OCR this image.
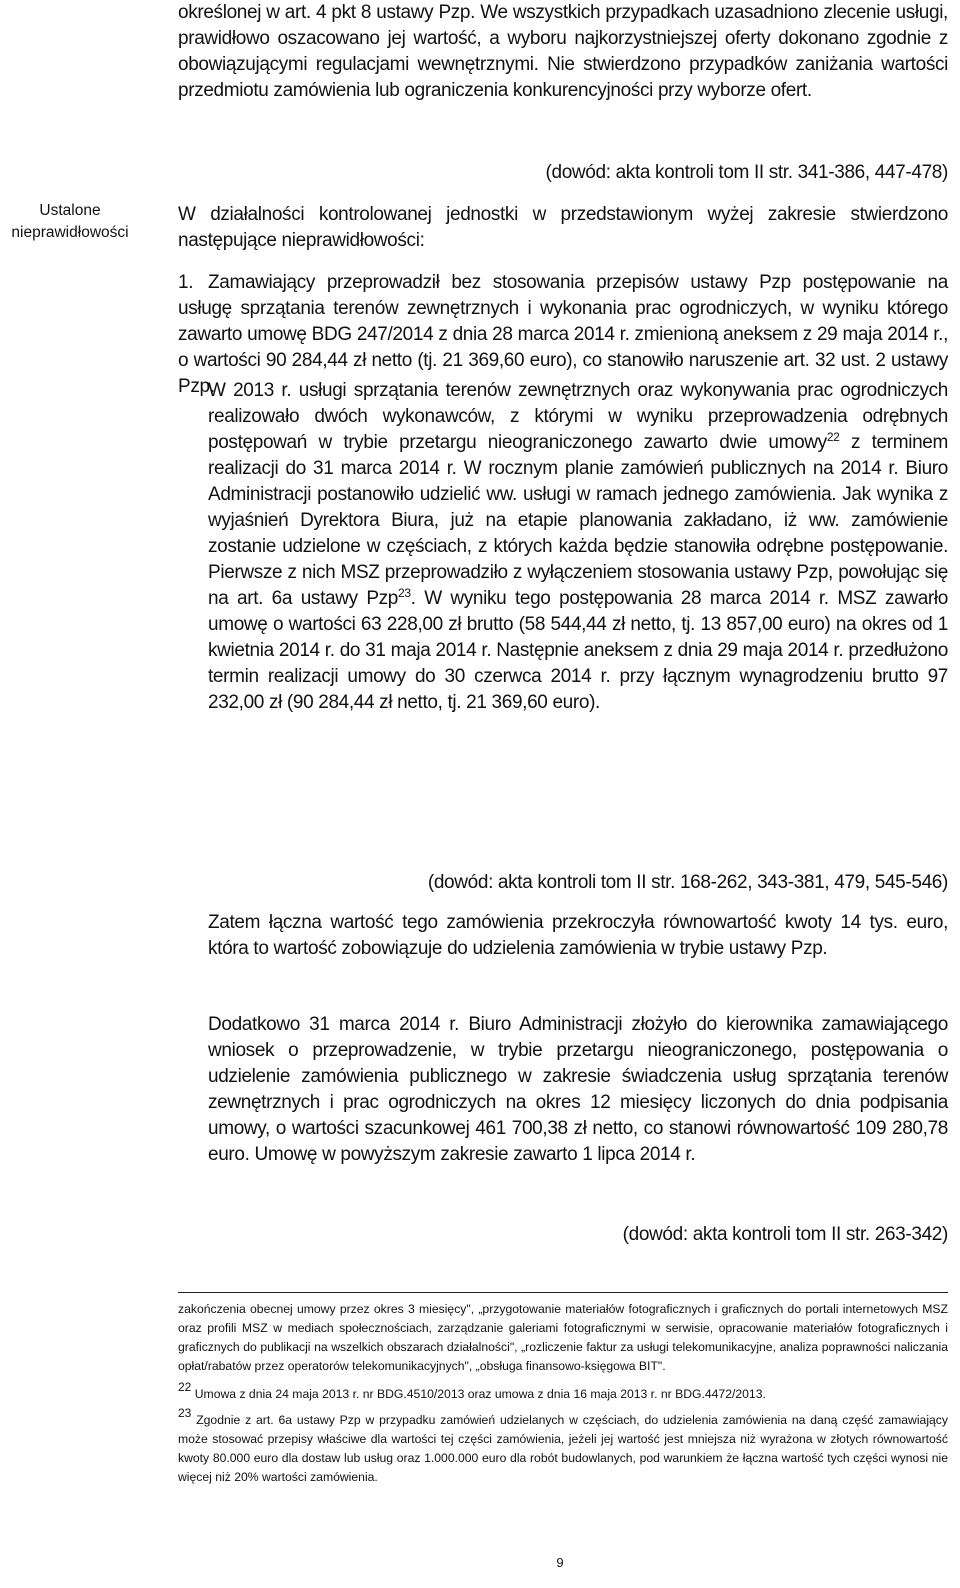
Ustalone
nieprawidłowości

określonej w art. 4 pkt 8 ustawy Pzp. We wszystkich przypadkach uzasadniono zlecenie usługi, prawidłowo oszacowano jej wartość, a wyboru najkorzystniejszej oferty dokonano zgodnie z obowiązującymi regulacjami wewnętrznymi. Nie stwierdzono przypadków zaniżania wartości przedmiotu zamówienia lub ograniczenia konkurencyjności przy wyborze ofert.

(dowód: akta kontroli tom II str. 341-386, 447-478)

W działalności kontrolowanej jednostki w przedstawionym wyżej zakresie stwierdzono następujące nieprawidłowości:

1. Zamawiający przeprowadził bez stosowania przepisów ustawy Pzp postępowanie na usługę sprzątania terenów zewnętrznych i wykonania prac ogrodniczych, w wyniku którego zawarto umowę BDG 247/2014 z dnia 28 marca 2014 r. zmienioną aneksem z 29 maja 2014 r., o wartości 90 284,44 zł netto (tj. 21 369,60 euro), co stanowiło naruszenie art. 32 ust. 2 ustawy Pzp.

W 2013 r. usługi sprzątania terenów zewnętrznych oraz wykonywania prac ogrodniczych realizowało dwóch wykonawców, z którymi w wyniku przeprowadzenia odrębnych postępowań w trybie przetargu nieograniczonego zawarto dwie umowy$^{22}$ z terminem realizacji do 31 marca 2014 r. W rocznym planie zamówień publicznych na 2014 r. Biuro Administracji postanowiło udzielić ww. usługi w ramach jednego zamówienia. Jak wynika z wyjaśnień Dyrektora Biura, już na etapie planowania zakładano, iż ww. zamówienie zostanie udzielone w częściach, z których każda będzie stanowiła odrębne postępowanie. Pierwsze z nich MSZ przeprowadziło z wyłączeniem stosowania ustawy Pzp, powołując się na art. 6a ustawy Pzp$^{23}$. W wyniku tego postępowania 28 marca 2014 r. MSZ zawarło umowę o wartości 63 228,00 zł brutto (58 544,44 zł netto, tj. 13 857,00 euro) na okres od 1 kwietnia 2014 r. do 31 maja 2014 r. Następnie aneksem z dnia 29 maja 2014 r. przedłużono termin realizacji umowy do 30 czerwca 2014 r. przy łącznym wynagrodzeniu brutto 97 232,00 zł (90 284,44 zł netto, tj. 21 369,60 euro).

(dowód: akta kontroli tom II str. 168-262, 343-381, 479, 545-546)

Zatem łączna wartość tego zamówienia przekroczyła równowartość kwoty 14 tys. euro, która to wartość zobowiązuje do udzielenia zamówienia w trybie ustawy Pzp.

Dodatkowo 31 marca 2014 r. Biuro Administracji złożyło do kierownika zamawiającego wniosek o przeprowadzenie, w trybie przetargu nieograniczonego, postępowania o udzielenie zamówienia publicznego w zakresie świadczenia usług sprzątania terenów zewnętrznych i prac ogrodniczych na okres 12 miesięcy liczonych do dnia podpisania umowy, o wartości szacunkowej 461 700,38 zł netto, co stanowi równowartość 109 280,78 euro. Umowę w powyższym zakresie zawarto 1 lipca 2014 r.

(dowód: akta kontroli tom II str. 263-342)

zakończenia obecnej umowy przez okres 3 miesięcy", „przygotowanie materiałów fotograficznych i graficznych do portali internetowych MSZ oraz profili MSZ w mediach społecznościach, zarządzanie galeriami fotograficznymi w serwisie, opracowanie materiałów fotograficznych i graficznych do publikacji na wszelkich obszarach działalności", „rozliczenie faktur za usługi telekomunikacyjne, analiza poprawności naliczania opłat/rabatów przez operatorów telekomunikacyjnych", „obsługa finansowo-księgowa BIT".

$^{22}$ Umowa z dnia 24 maja 2013 r. nr BDG.4510/2013 oraz umowa z dnia 16 maja 2013 r. nr BDG.4472/2013.

$^{23}$ Zgodnie z art. 6a ustawy Pzp w przypadku zamówień udzielanych w częściach, do udzielenia zamówienia na daną część zamawiający może stosować przepisy właściwe dla wartości tej części zamówienia, jeżeli jej wartość jest mniejsza niż wyrażona w złotych równowartość kwoty 80.000 euro dla dostaw lub usług oraz 1.000.000 euro dla robót budowlanych, pod warunkiem że łączna wartość tych części wynosi nie więcej niż 20% wartości zamówienia.

9
